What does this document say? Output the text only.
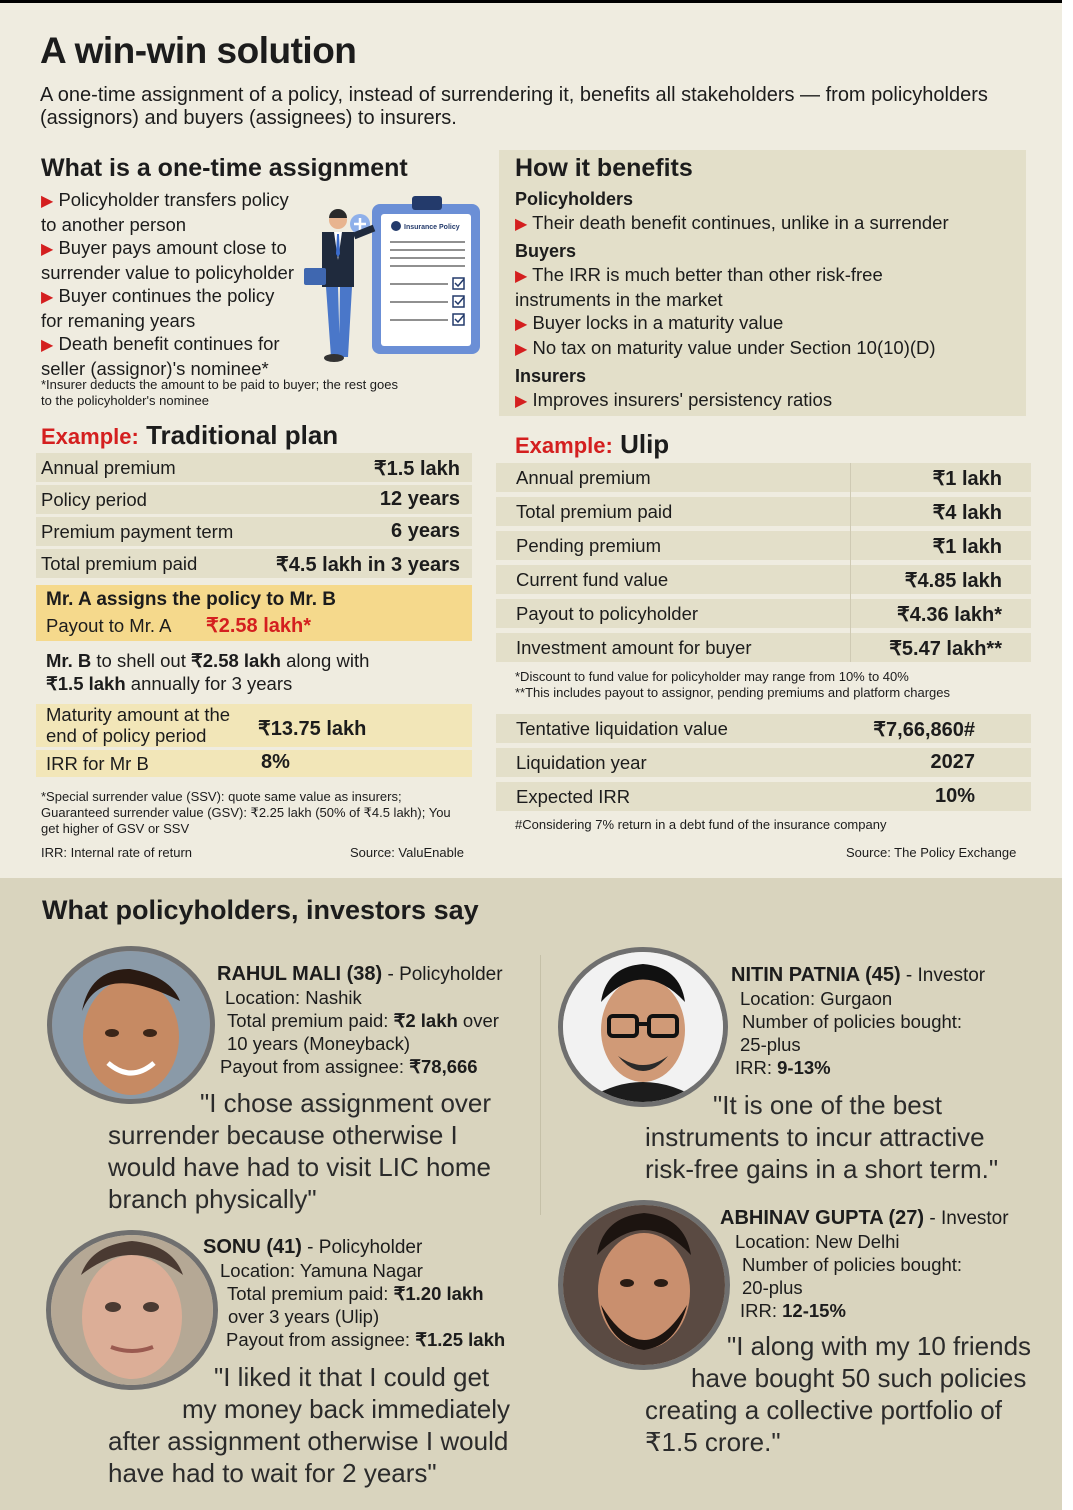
A win-win solution
A one-time assignment of a policy, instead of surrendering it, benefits all stakeholders — from policyholders (assignors) and buyers (assignees) to insurers.
What is a one-time assignment
▶ Policyholder transfers policy
to another person
▶ Buyer pays amount close to
surrender value to policyholder
▶ Buyer continues the policy
for remaning years
▶ Death benefit continues for
seller (assignor)'s nominee*
Insurance Policy
*Insurer deducts the amount to be paid to buyer; the rest goes
to the policyholder's nominee
How it benefits
Policyholders
▶ Their death benefit continues, unlike in a surrender
Buyers
▶ The IRR is much better than other risk-free
instruments in the market
▶ Buyer locks in a maturity value
▶ No tax on maturity value under Section 10(10)(D)
Insurers
▶ Improves insurers' persistency ratios
Example: Traditional plan
Annual premium	₹1.5 lakh
Policy period	12 years
Premium payment term	6 years
Total premium paid	₹4.5 lakh in 3 years
Mr. A assigns the policy to Mr. B
Payout to Mr. A ₹2.58 lakh*
Mr. B to shell out ₹2.58 lakh along with
₹1.5 lakh annually for 3 years
Maturity amount at the
end of policy period	₹13.75 lakh
IRR for Mr B	8%
*Special surrender value (SSV): quote same value as insurers;
Guaranteed surrender value (GSV): ₹2.25 lakh (50% of ₹4.5 lakh); You
get higher of GSV or SSV
IRR: Internal rate of return	Source: ValuEnable
Example: Ulip
Annual premium	₹1 lakh
Total premium paid	₹4 lakh
Pending premium	₹1 lakh
Current fund value	₹4.85 lakh
Payout to policyholder	₹4.36 lakh*
Investment amount for buyer	₹5.47 lakh**
*Discount to fund value for policyholder may range from 10% to 40%
**This includes payout to assignor, pending premiums and platform charges
Tentative liquidation value	₹7,66,860#
Liquidation year	2027
Expected IRR	10%
#Considering 7% return in a debt fund of the insurance company
Source: The Policy Exchange
What policyholders, investors say
RAHUL MALI (38) - Policyholder
Location: Nashik
Total premium paid: ₹2 lakh over
10 years (Moneyback)
Payout from assignee: ₹78,666
"I chose assignment over
surrender because otherwise I
would have had to visit LIC home
branch physically"
NITIN PATNIA (45) - Investor
Location: Gurgaon
Number of policies bought:
25-plus
IRR: 9-13%
"It is one of the best
instruments to incur attractive
risk-free gains in a short term."
SONU (41) - Policyholder
Location: Yamuna Nagar
Total premium paid: ₹1.20 lakh
over 3 years (Ulip)
Payout from assignee: ₹1.25 lakh
"I liked it that I could get
my money back immediately
after assignment otherwise I would
have had to wait for 2 years"
ABHINAV GUPTA (27) - Investor
Location: New Delhi
Number of policies bought:
20-plus
IRR: 12-15%
"I along with my 10 friends
have bought 50 such policies
creating a collective portfolio of
₹1.5 crore."
